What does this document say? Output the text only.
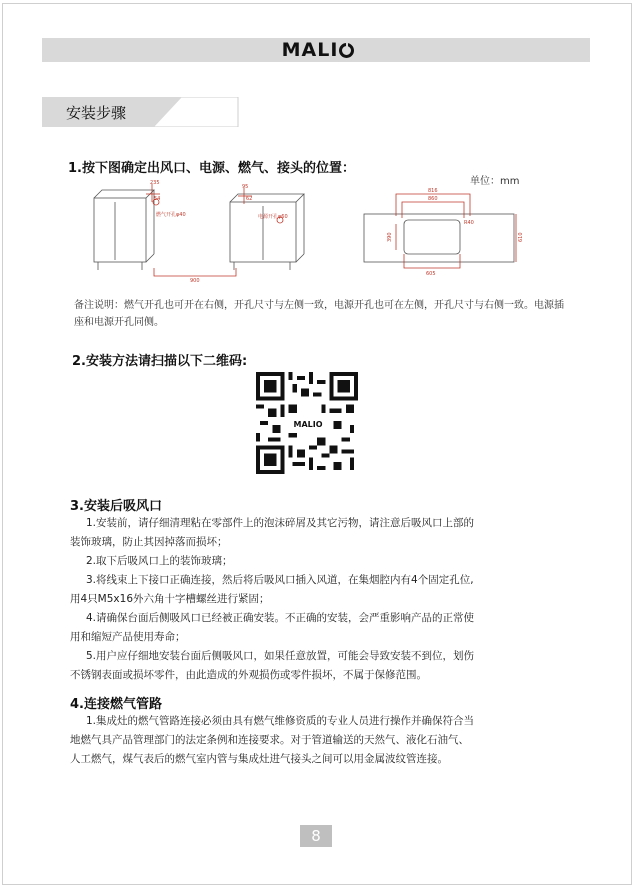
MALI
安装步骤
1.按下图确定出风口、电源、燃气、接头的位置：
单位：mm
235
54
燃气开孔φ40
95
62
电源开孔φ60
900
816
860
R40
390	610
605
备注说明：燃气开孔也可开在右侧，开孔尺寸与左侧一致，电源开孔也可在左侧，开孔尺寸与右侧一致。电源插座和电源开孔同侧。
2.安装方法请扫描以下二维码:
MALIO
3.安装后吸风口
1.安装前，请仔细清理粘在零部件上的泡沫碎屑及其它污物，请注意后吸风口上部的
装饰玻璃，防止其因掉落而损坏；
2.取下后吸风口上的装饰玻璃；
3.将线束上下接口正确连接，然后将后吸风口插入风道，在集烟腔内有4个固定孔位,
用4只M5x16外六角十字槽螺丝进行紧固；
4.请确保台面后侧吸风口已经被正确安装。不正确的安装，会严重影响产品的正常使
用和缩短产品使用寿命；
5.用户应仔细地安装台面后侧吸风口，如果任意放置，可能会导致安装不到位，划伤
不锈钢表面或损坏零件，由此造成的外观损伤或零件损坏，不属于保修范围。
4.连接燃气管路
1.集成灶的燃气管路连接必须由具有燃气维修资质的专业人员进行操作并确保符合当
地燃气具产品管理部门的法定条例和连接要求。对于管道输送的天然气、液化石油气、
人工燃气，煤气表后的燃气室内管与集成灶进气接头之间可以用金属波纹管连接。
8
